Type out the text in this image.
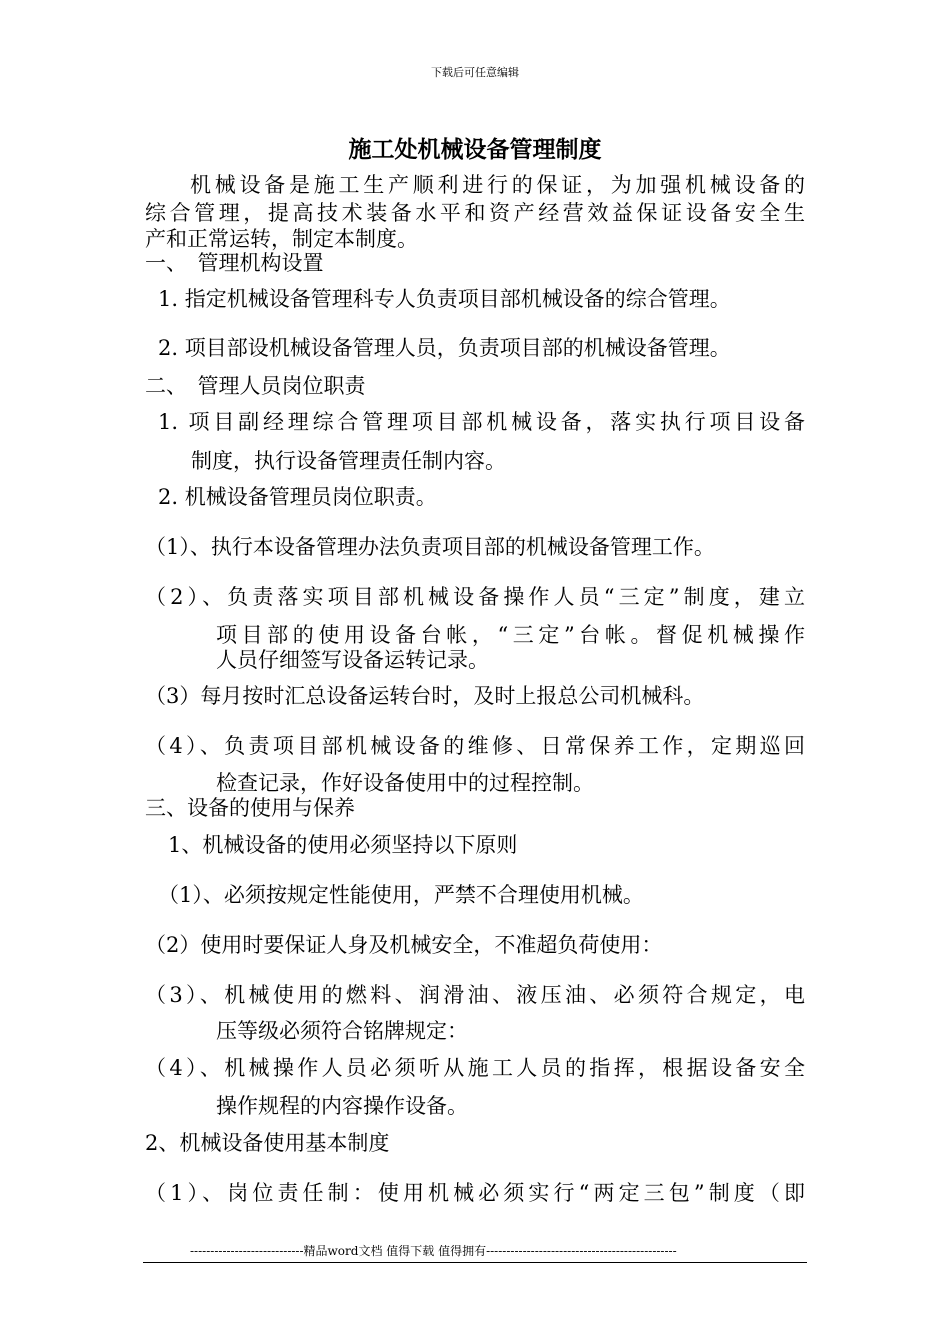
下载后可任意编辑
施工处机械设备管理制度
机械设备是施工生产顺利进行的保证，为加强机械设备的
综合管理，提高技术装备水平和资产经营效益保证设备安全生
产和正常运转，制定本制度。
一、　管理机构设置
1. 指定机械设备管理科专人负责项目部机械设备的综合管理。
2. 项目部设机械设备管理人员，负责项目部的机械设备管理。
二、　管理人员岗位职责
1. 项目副经理综合管理项目部机械设备，落实执行项目设备
制度，执行设备管理责任制内容。
2. 机械设备管理员岗位职责。
（1）、执行本设备管理办法负责项目部的机械设备管理工作。
（2）、负责落实项目部机械设备操作人员“三定”制度，建立
项目部的使用设备台帐，“三定”台帐。督促机械操作
人员仔细签写设备运转记录。
（3）每月按时汇总设备运转台时，及时上报总公司机械科。
（4）、负责项目部机械设备的维修、日常保养工作，定期巡回
检查记录，作好设备使用中的过程控制。
三、设备的使用与保养
1、机械设备的使用必须坚持以下原则
（1）、必须按规定性能使用，严禁不合理使用机械。
（2）使用时要保证人身及机械安全，不准超负荷使用：
（3）、机械使用的燃料、润滑油、液压油、必须符合规定，电
压等级必须符合铭牌规定：
（4）、机械操作人员必须听从施工人员的指挥，根据设备安全
操作规程的内容操作设备。
2、机械设备使用基本制度
（1）、岗位责任制：使用机械必须实行“两定三包”制度（即
----------------------------精品word文档 值得下载 值得拥有-----------------------------------------------
